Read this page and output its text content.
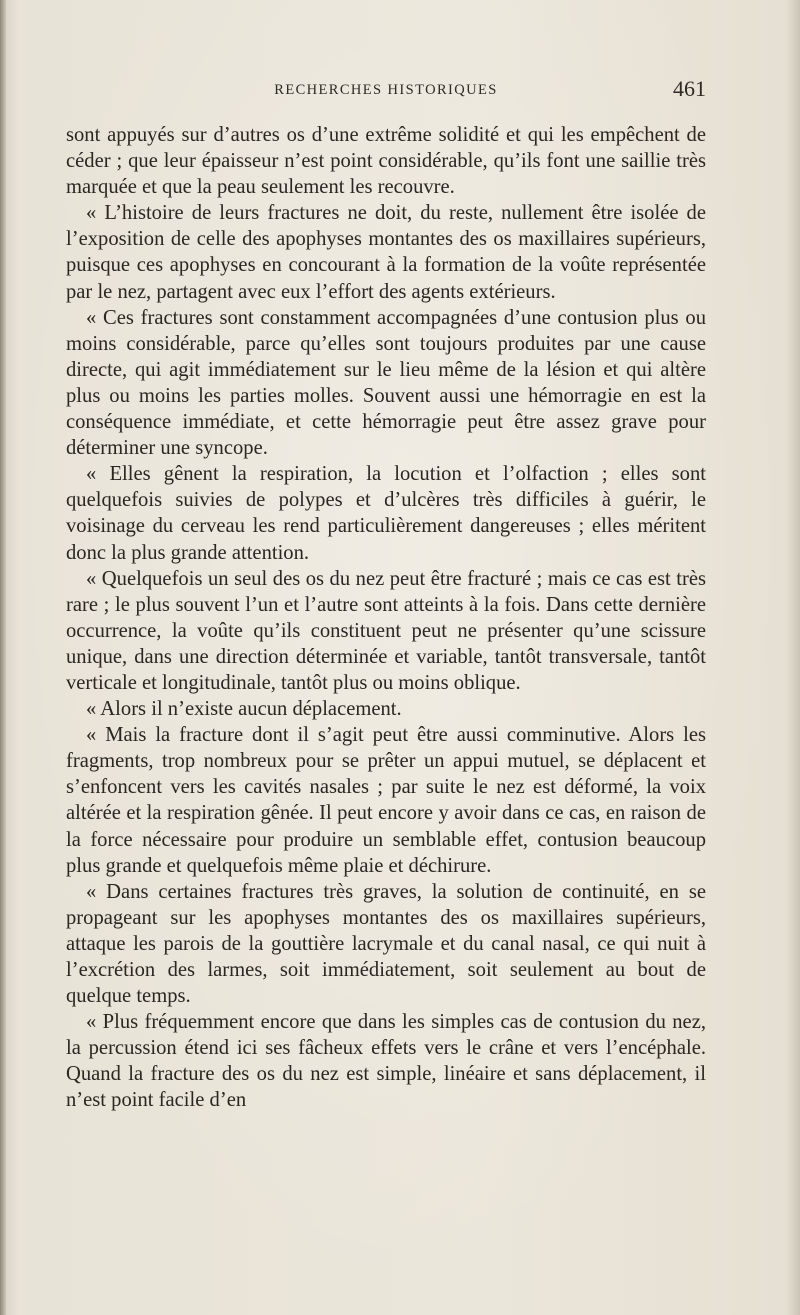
RECHERCHES HISTORIQUES	461

sont appuyés sur d’autres os d’une extrême solidité et qui les empêchent de céder ; que leur épaisseur n’est point considérable, qu’ils font une saillie très marquée et que la peau seulement les recouvre.

« L’histoire de leurs fractures ne doit, du reste, nullement être isolée de l’exposition de celle des apophyses montantes des os maxillaires supérieurs, puisque ces apophyses en concourant à la formation de la voûte représentée par le nez, partagent avec eux l’effort des agents extérieurs.

« Ces fractures sont constamment accompagnées d’une contusion plus ou moins considérable, parce qu’elles sont toujours produites par une cause directe, qui agit immédiatement sur le lieu même de la lésion et qui altère plus ou moins les parties molles. Souvent aussi une hémorragie en est la conséquence immédiate, et cette hémorragie peut être assez grave pour déterminer une syncope.

« Elles gênent la respiration, la locution et l’olfaction ; elles sont quelquefois suivies de polypes et d’ulcères très difficiles à guérir, le voisinage du cerveau les rend particulièrement dangereuses ; elles méritent donc la plus grande attention.

« Quelquefois un seul des os du nez peut être fracturé ; mais ce cas est très rare ; le plus souvent l’un et l’autre sont atteints à la fois. Dans cette dernière occurrence, la voûte qu’ils constituent peut ne présenter qu’une scissure unique, dans une direction déterminée et variable, tantôt transversale, tantôt verticale et longitudinale, tantôt plus ou moins oblique.

« Alors il n’existe aucun déplacement.

« Mais la fracture dont il s’agit peut être aussi comminutive. Alors les fragments, trop nombreux pour se prêter un appui mutuel, se déplacent et s’enfoncent vers les cavités nasales ; par suite le nez est déformé, la voix altérée et la respiration gênée. Il peut encore y avoir dans ce cas, en raison de la force nécessaire pour produire un semblable effet, contusion beaucoup plus grande et quelquefois même plaie et déchirure.

« Dans certaines fractures très graves, la solution de continuité, en se propageant sur les apophyses montantes des os maxillaires supérieurs, attaque les parois de la gouttière lacrymale et du canal nasal, ce qui nuit à l’excrétion des larmes, soit immédiatement, soit seulement au bout de quelque temps.

« Plus fréquemment encore que dans les simples cas de contusion du nez, la percussion étend ici ses fâcheux effets vers le crâne et vers l’encéphale. Quand la fracture des os du nez est simple, linéaire et sans déplacement, il n’est point facile d’en
